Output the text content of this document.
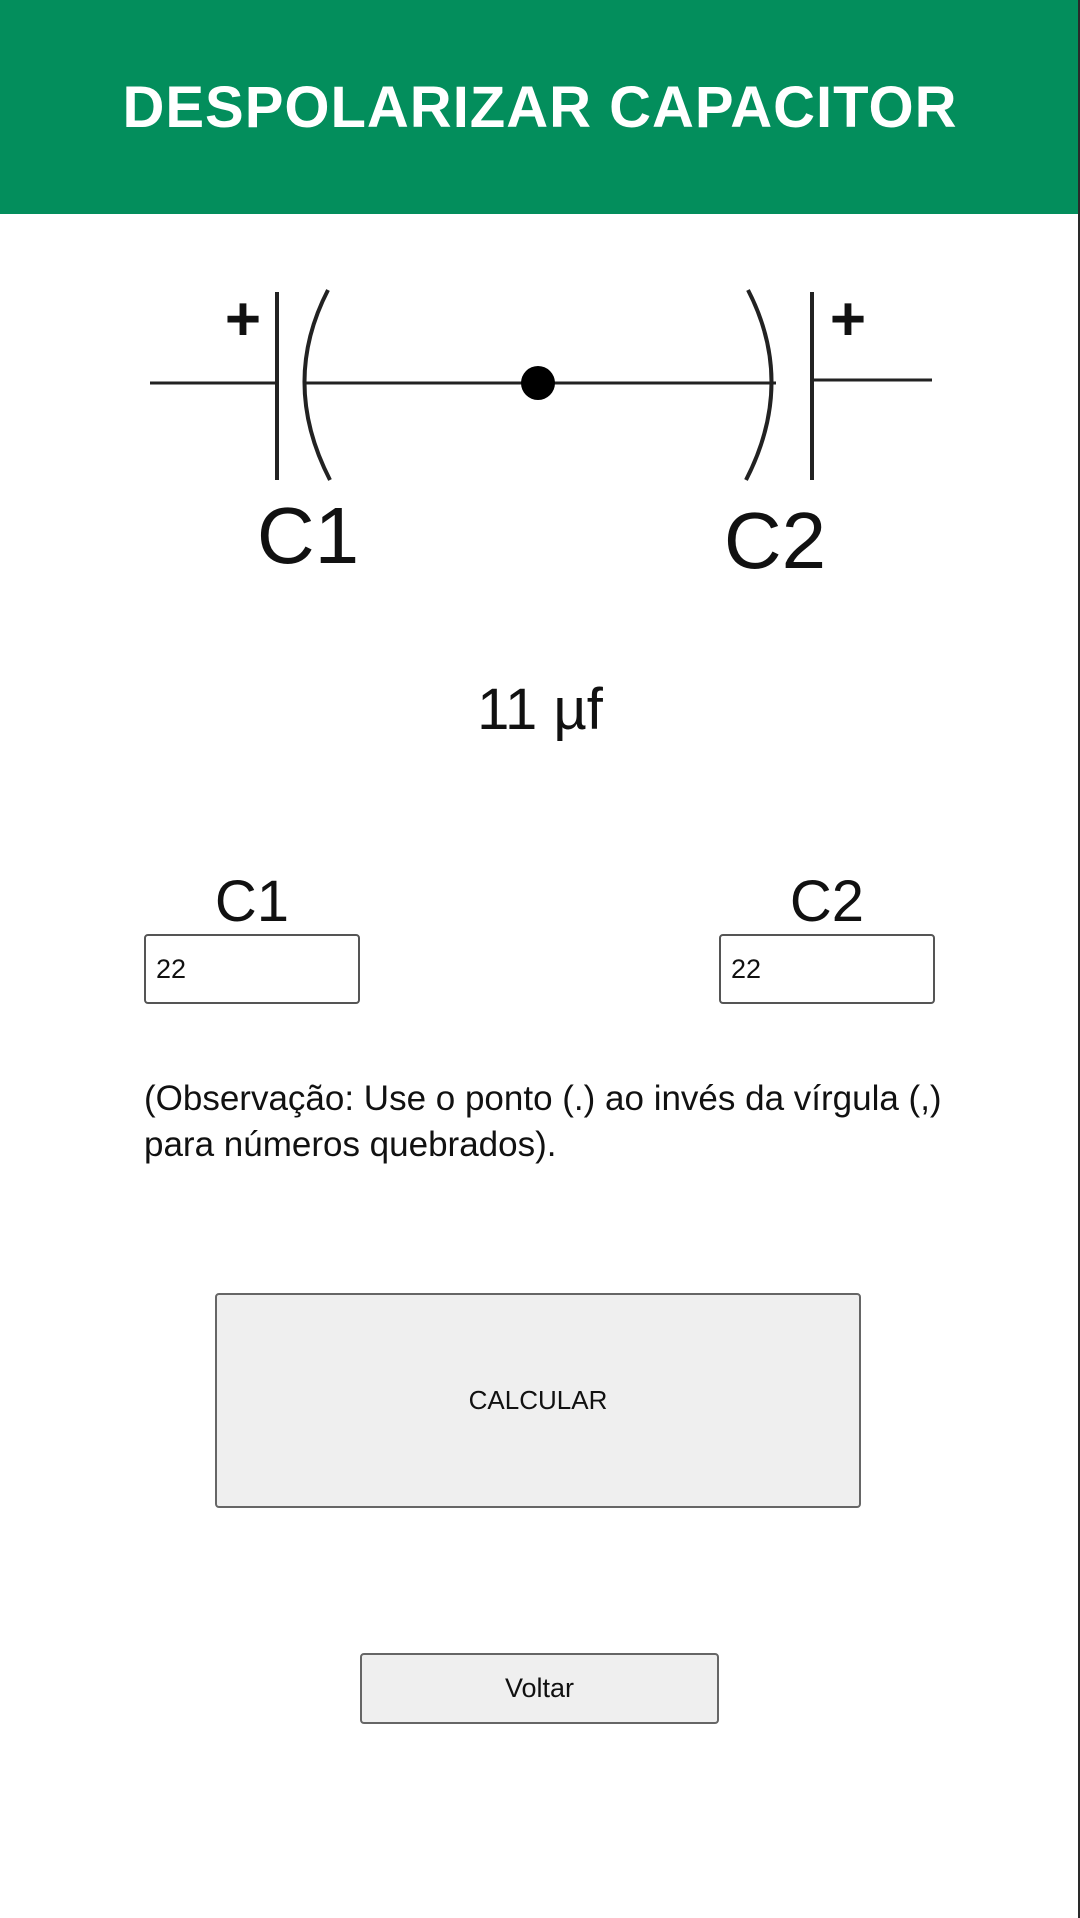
DESPOLARIZAR CAPACITOR
+	+
C1	C2
11 µf
C1	C2
22
22
(Observação: Use o ponto (.) ao invés da vírgula (,) para números quebrados).
CALCULAR
Voltar
